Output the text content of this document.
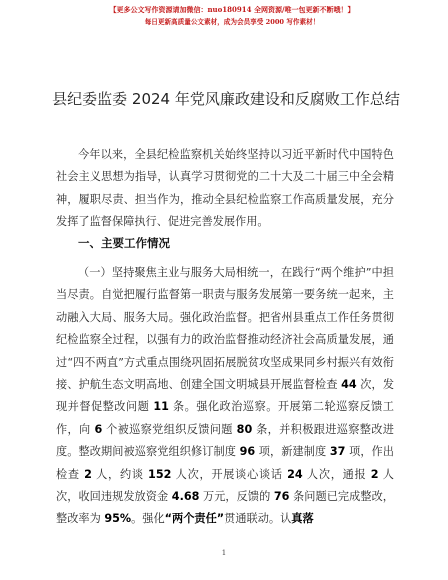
【更多公文写作资源请加微信：nuo180914 全网资源/唯一包更新不断哦！】
每日更新高质量公文素材，成为会员享受 2000 写作素材！
县纪委监委 2024 年党风廉政建设和反腐败工作总结
今年以来，全县纪检监察机关始终坚持以习近平新时代中国特色社会主义思想为指导，认真学习贯彻党的二十大及二十届三中全会精神，履职尽责、担当作为，推动全县纪检监察工作高质量发展，充分发挥了监督保障执行、促进完善发展作用。
一、主要工作情况
（一）坚持聚焦主业与服务大局相统一，在践行“两个维护”中担当尽责。自觉把履行监督第一职责与服务发展第一要务统一起来，主动融入大局、服务大局。强化政治监督。把省州县重点工作任务贯彻纪检监察全过程，以强有力的政治监督推动经济社会高质量发展，通过“四不两直”方式重点围绕巩固拓展脱贫攻坚成果同乡村振兴有效衔接、护航生态文明高地、创建全国文明城县开展监督检查 44 次，发现并督促整改问题 11 条。强化政治巡察。开展第二轮巡察反馈工作，向 6 个被巡察党组织反馈问题 80 条，并积极跟进巡察整改进度。整改期间被巡察党组织修订制度 96 项，新建制度 37 项，作出检查 2 人，约谈 152 人次，开展谈心谈话 24 人次，通报 2 人次，收回违规发放资金 4.68 万元，反馈的 76 条问题已完成整改，整改率为 95%。强化“两个责任”贯通联动。认真落
1
